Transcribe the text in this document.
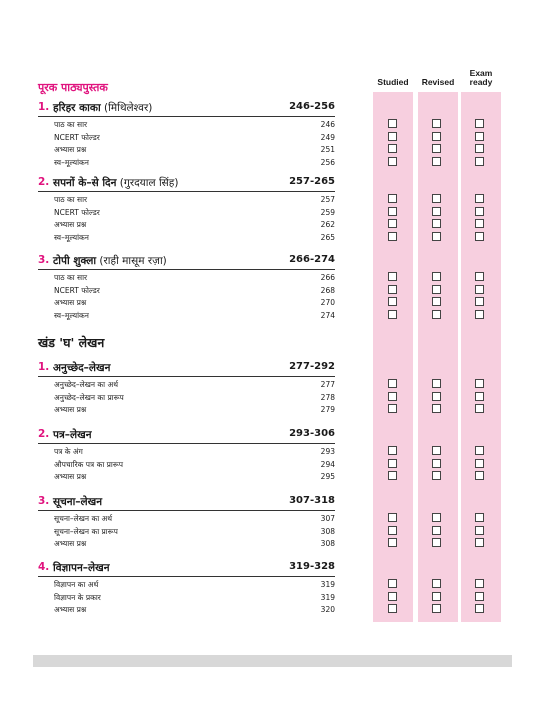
Studied	Revised
Exam
ready
पूरक पाठ्यपुस्तक
खंड 'घ' लेखन
1. हरिहर काका (मिथिलेश्वर)	246-256
पाठ का सार	246
NCERT फोल्डर	249
अभ्यास प्रश्न	251
स्व–मूल्यांकन	256
2. सपनों के–से दिन (गुरदयाल सिंह)	257-265
पाठ का सार	257
NCERT फोल्डर	259
अभ्यास प्रश्न	262
स्व–मूल्यांकन	265
3. टोपी शुक्ला (राही मासूम रज़ा)	266-274
पाठ का सार	266
NCERT फोल्डर	268
अभ्यास प्रश्न	270
स्व–मूल्यांकन	274
1. अनुच्छेद–लेखन	277-292
अनुच्छेद–लेखन का अर्थ	277
अनुच्छेद–लेखन का प्रारूप	278
अभ्यास प्रश्न	279
2. पत्र–लेखन	293-306
पत्र के अंग	293
औपचारिक पत्र का प्रारूप	294
अभ्यास प्रश्न	295
3. सूचना–लेखन	307-318
सूचना–लेखन का अर्थ	307
सूचना–लेखन का प्रारूप	308
अभ्यास प्रश्न	308
4. विज्ञापन–लेखन	319-328
विज्ञापन का अर्थ	319
विज्ञापन के प्रकार	319
अभ्यास प्रश्न	320
